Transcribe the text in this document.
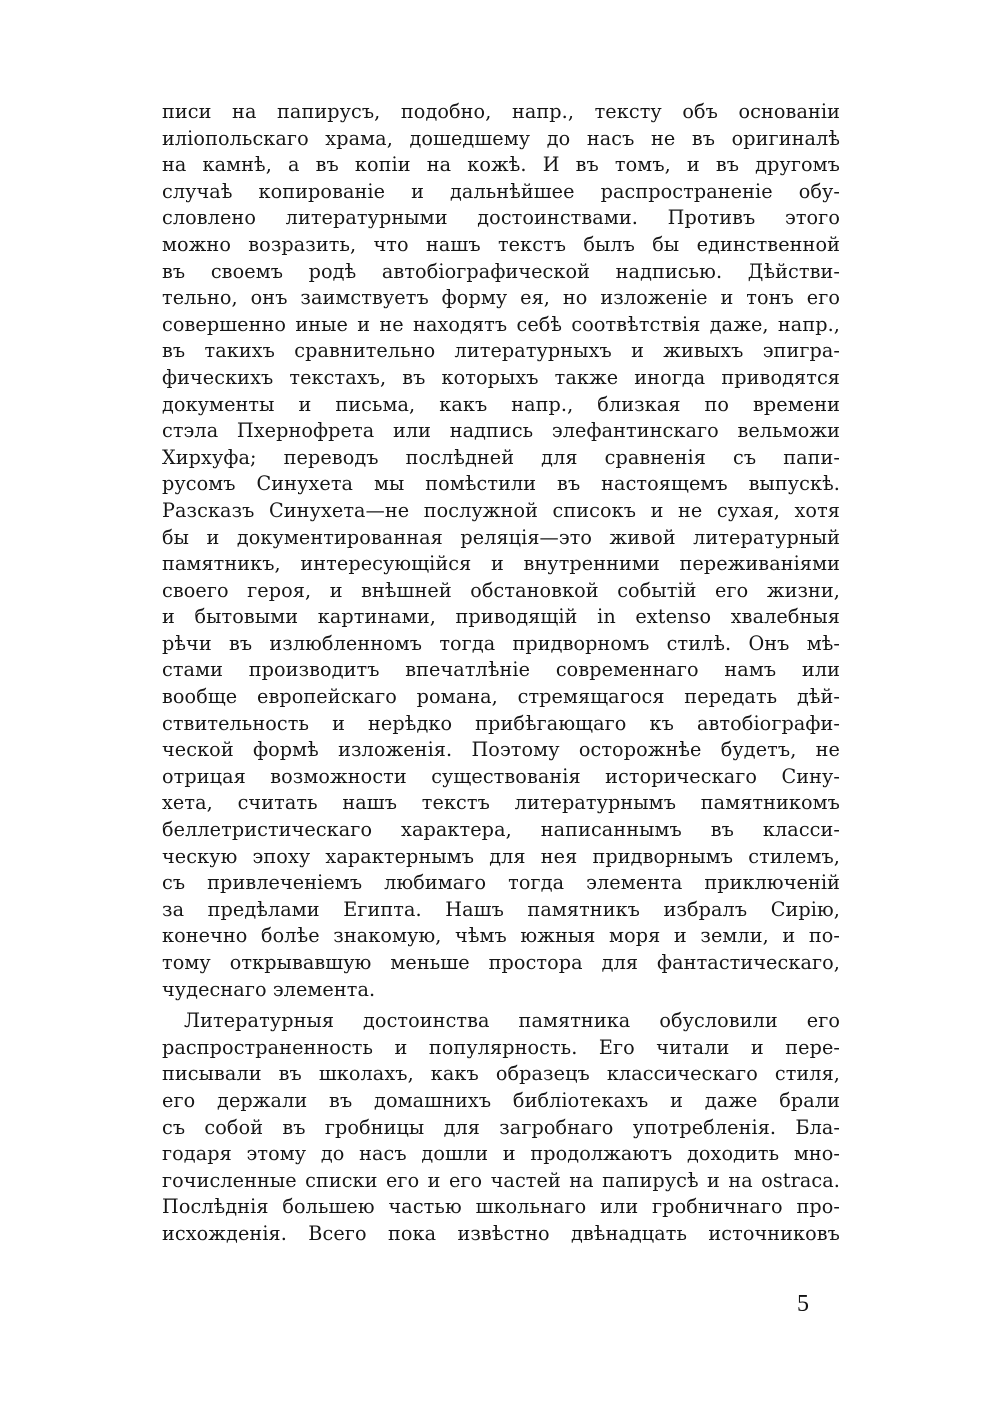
писи на папирусъ, подобно, напр., тексту объ основаніи
иліопольскаго храма, дошедшему до насъ не въ оригиналѣ
на камнѣ, а въ копіи на кожѣ. И въ томъ, и въ другомъ
случаѣ копированіе и дальнѣйшее распространеніе обу-
словлено литературными достоинствами. Противъ этого
можно возразить, что нашъ текстъ былъ бы единственной
въ своемъ родѣ автобіографической надписью. Дѣйстви-
тельно, онъ заимствуетъ форму ея, но изложеніе и тонъ его
совершенно иные и не находятъ себѣ соотвѣтствія даже, напр.,
въ такихъ сравнительно литературныхъ и живыхъ эпигра-
фическихъ текстахъ, въ которыхъ также иногда приводятся
документы и письма, какъ напр., близкая по времени
стэла Пхернофрета или надпись элефантинскаго вельможи
Хирхуфа; переводъ послѣдней для сравненія съ папи-
русомъ Синухета мы помѣстили въ настоящемъ выпускѣ.
Разсказъ Синухета—не послужной списокъ и не сухая, хотя
бы и документированная реляція—это живой литературный
памятникъ, интересующійся и внутренними переживаніями
своего героя, и внѣшней обстановкой событій его жизни,
и бытовыми картинами, приводящій in extenso хвалебныя
рѣчи въ излюбленномъ тогда придворномъ стилѣ. Онъ мѣ-
стами производитъ впечатлѣніе современнаго намъ или
вообще европейскаго романа, стремящагося передать дѣй-
ствительность и нерѣдко прибѣгающаго къ автобіографи-
ческой формѣ изложенія. Поэтому осторожнѣе будетъ, не
отрицая возможности существованія историческаго Сину-
хета, считать нашъ текстъ литературнымъ памятникомъ
беллетристическаго характера, написаннымъ въ класси-
ческую эпоху характернымъ для нея придворнымъ стилемъ,
съ привлеченіемъ любимаго тогда элемента приключеній
за предѣлами Египта. Нашъ памятникъ избралъ Сирію,
конечно болѣе знакомую, чѣмъ южныя моря и земли, и по-
тому открывавшую меньше простора для фантастическаго,
чудеснаго элемента.
Литературныя достоинства памятника обусловили его
распространенность и популярность. Его читали и пере-
писывали въ школахъ, какъ образецъ классическаго стиля,
его держали въ домашнихъ библіотекахъ и даже брали
съ собой въ гробницы для загробнаго употребленія. Бла-
годаря этому до насъ дошли и продолжаютъ доходить мно-
гочисленные списки его и его частей на папирусѣ и на ostraca.
Послѣднія большею частью школьнаго или гробничнаго про-
исхожденія. Всего пока извѣстно двѣнадцать источниковъ
5
